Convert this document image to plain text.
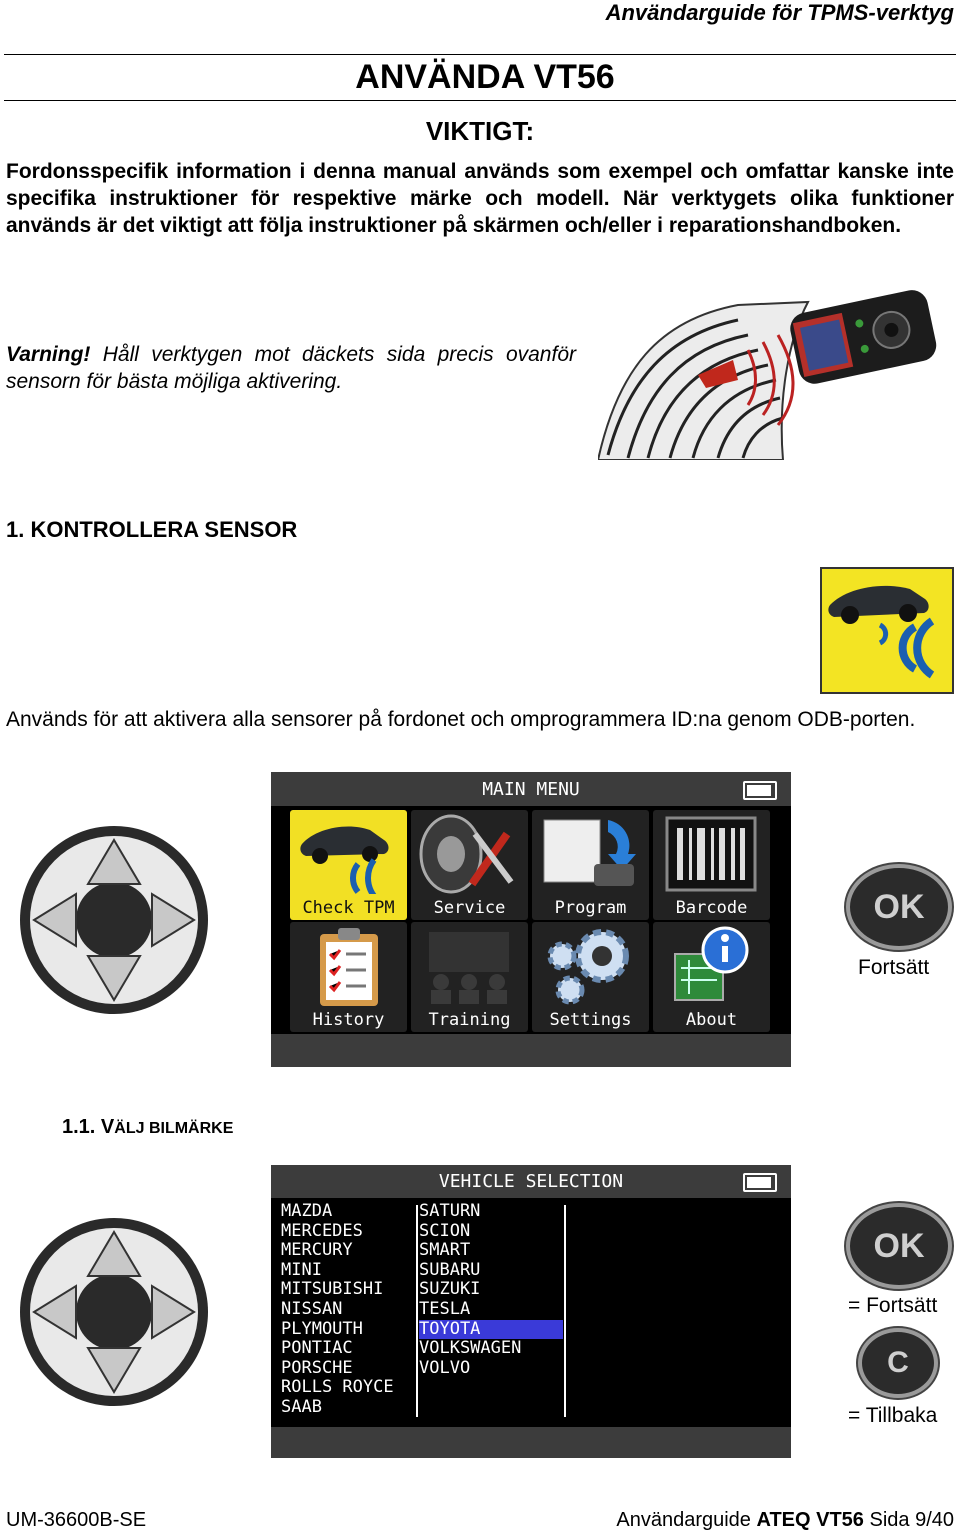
Användarguide för TPMS-verktyg
ANVÄNDA VT56
VIKTIGT:
Fordonsspecifik information i denna manual används som exempel och omfattar kanske inte specifika instruktioner för respektive märke och modell. När verktygets olika funktioner används är det viktigt att följa instruktioner på skärmen och/eller i reparationshandboken.
Varning! Håll verktygen mot däckets sida precis ovanför sensorn för bästa möjliga aktivering.
1. KONTROLLERA SENSOR
Används för att aktivera alla sensorer på fordonet och omprogrammera ID:na genom ODB-porten.
MAIN MENU
Check TPM	Service	Program	Barcode
History	Training	Settings	About
OK
Fortsätt
1.1. VÄLJ BILMÄRKE
VEHICLE SELECTION
MAZDA
MERCEDES
MERCURY
MINI
MITSUBISHI
NISSAN
PLYMOUTH
PONTIAC
PORSCHE
ROLLS ROYCE
SAAB
SATURN
SCION
SMART
SUBARU
SUZUKI
TESLA
TOYOTA
VOLKSWAGEN
VOLVO
OK
= Fortsätt
C
= Tillbaka
UM-36600B-SE	Användarguide ATEQ VT56 Sida 9/40
